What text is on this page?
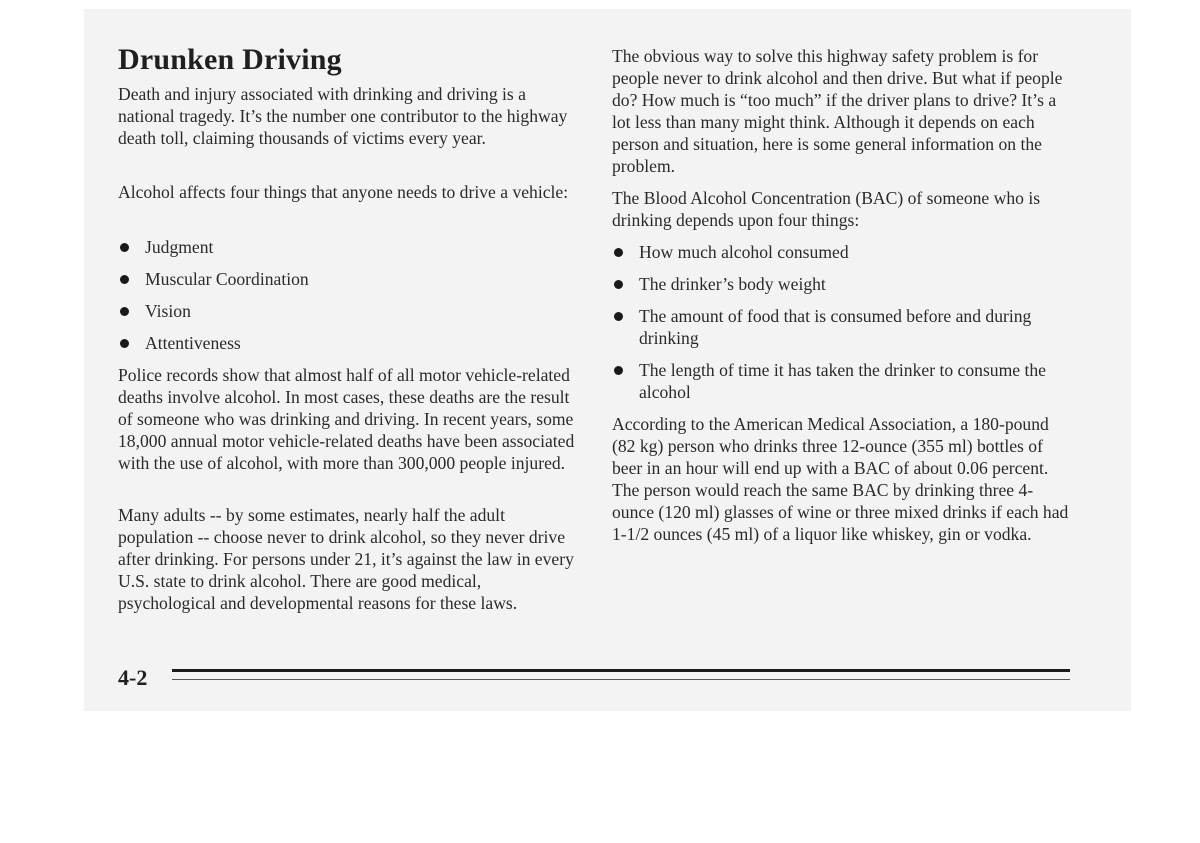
Drunken Driving

Death and injury associated with drinking and driving is a national tragedy. It’s the number one contributor to the highway death toll, claiming thousands of victims every year.

Alcohol affects four things that anyone needs to drive a vehicle:

Judgment
Muscular Coordination
Vision
Attentiveness

Police records show that almost half of all motor vehicle-related deaths involve alcohol. In most cases, these deaths are the result of someone who was drinking and driving. In recent years, some 18,000 annual motor vehicle-related deaths have been associated with the use of alcohol, with more than 300,000 people injured.

Many adults -- by some estimates, nearly half the adult population -- choose never to drink alcohol, so they never drive after drinking. For persons under 21, it’s against the law in every U.S. state to drink alcohol. There are good medical, psychological and developmental reasons for these laws.

The obvious way to solve this highway safety problem is for people never to drink alcohol and then drive. But what if people do? How much is “too much” if the driver plans to drive? It’s a lot less than many might think. Although it depends on each person and situation, here is some general information on the problem.

The Blood Alcohol Concentration (BAC) of someone who is drinking depends upon four things:

How much alcohol consumed
The drinker’s body weight
The amount of food that is consumed before and during drinking
The length of time it has taken the drinker to consume the alcohol

According to the American Medical Association, a 180-pound (82 kg) person who drinks three 12-ounce (355 ml) bottles of beer in an hour will end up with a BAC of about 0.06 percent. The person would reach the same BAC by drinking three 4-ounce (120 ml) glasses of wine or three mixed drinks if each had 1-1/2 ounces (45 ml) of a liquor like whiskey, gin or vodka.

4-2
